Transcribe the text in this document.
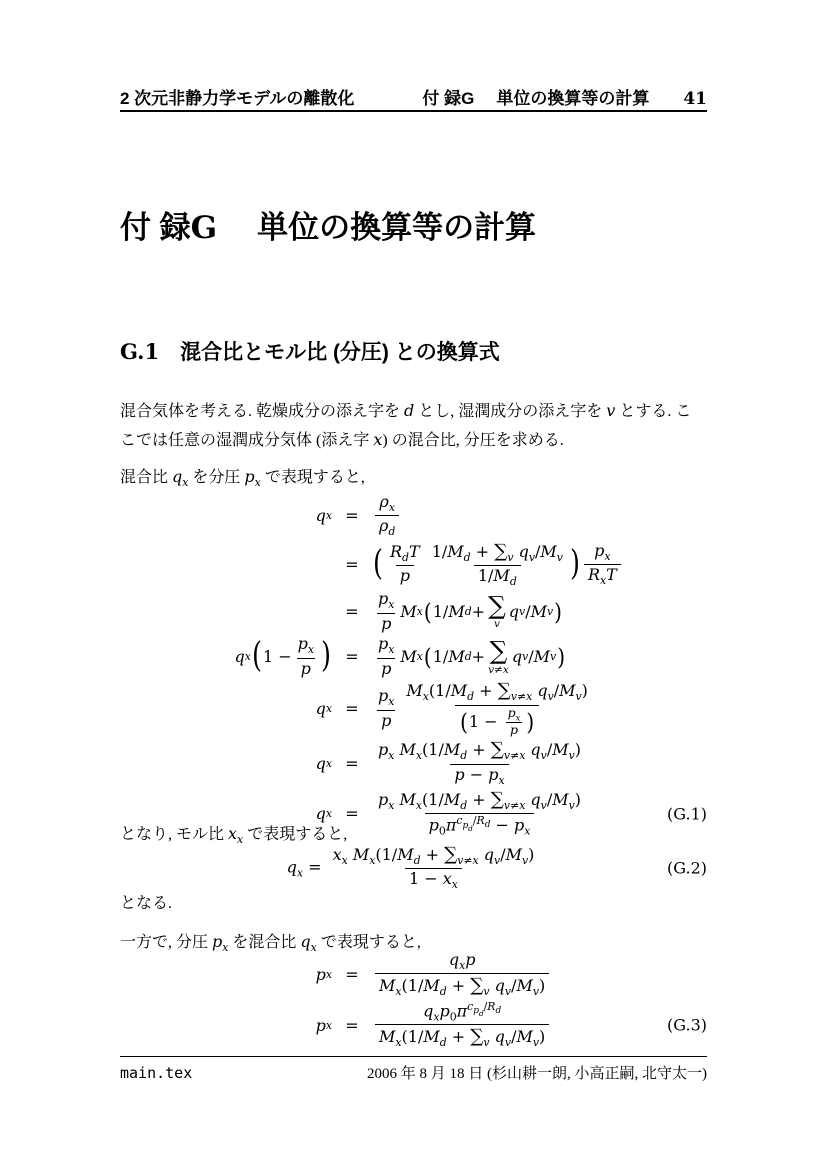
2 次元非静力学モデルの離散化	付 録G 単位の換算等の計算 41
付 録G 単位の換算等の計算
G.1 混合比とモル比 (分圧) との換算式
混合気体を考える. 乾燥成分の添え字を d とし, 湿潤成分の添え字を v とする. こ
こでは任意の湿潤成分気体 (添え字 x) の混合比, 分圧を求める.
混合比 $q_x$ を分圧 $p_x$ で表現すると,
q x =
$\rho_x$
$\rho_d$
= ( $R_dT$
p
$1/M_d + \sum_v$ $q_v/M_v$
$1/M_d$ ) $p_x$
$R_xT$
=
$p_x$
p
M x ( 1/ M d + ∑
v
q v / M v )
q x ( 1 −
$p_x$
p ) =
$p_x$
p
M x ( 1/ M d + ∑
v≠x
q v / M v )
q x =
$p_x$
p
$M_x(1/M_d + \sum_{v\ne x}$ $q_v/M_v$)
($1 - \frac{p_x}{p}$ )
q x =
$p_x$ $M_x(1/M_d + \sum_{v\ne x}$ $q_v/M_v$)
$p - p_x$
q x =
$p_x$ $M_x(1/M_d + \sum_{v\ne x}$ $q_v/M_v$)
$p_0\pi^{c_{p_d}/R_d} - p_x$
(G.1)
となり, モル比 $x_x$ で表現すると,
$q_x = \frac{x_x M_x(1/M_d + \sum_{v\ne x} q_v/M_v)}{1 - x_x}$	(G.2)
となる.
一方で, 分圧 $p_x$ を混合比 $q_x$ で表現すると,
p x =
$q_xp$
$M_x(1/M_d + \sum_v$ $q_v/M_v$)
p x =
$q_xp_0\pi^{c_{p_d}/R_d}$
$M_x(1/M_d + \sum_v$ $q_v/M_v$)
(G.3)
main.tex	2006 年 8 月 18 日 (杉山耕一朗, 小高正嗣, 北守太一)
